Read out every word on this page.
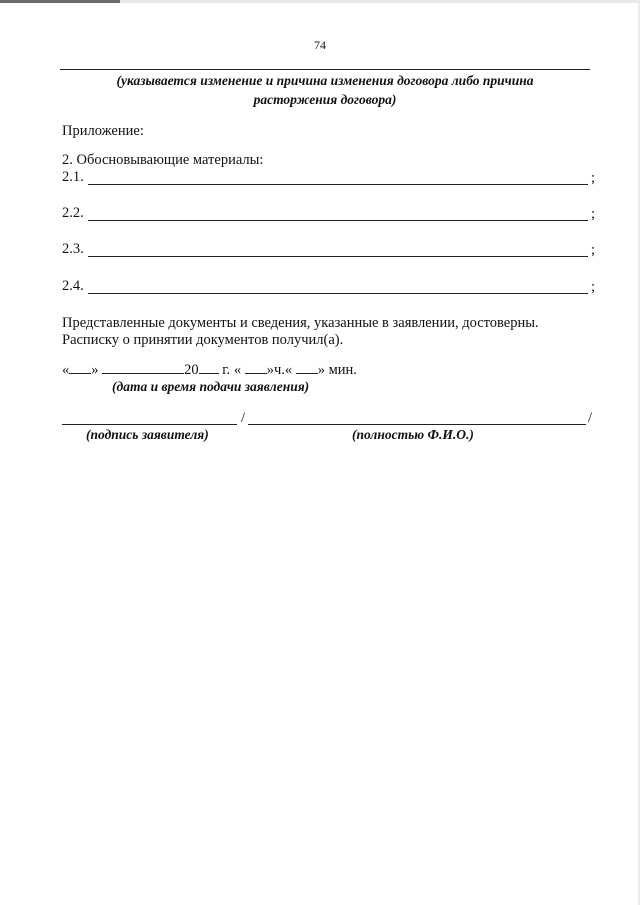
74
(указывается изменение и причина изменения договора либо причина
расторжения договора)
Приложение:
2. Обосновывающие материалы:
2.1.	;
2.2.	;
2.3.	;
2.4.	;
Представленные документы и сведения, указанные в заявлении, достоверны.
Расписку о принятии документов получил(а).
« »	20 г. « »ч.« » мин.
(дата и время подачи заявления)
/	/
(подпись заявителя)	(полностью Ф.И.О.)
